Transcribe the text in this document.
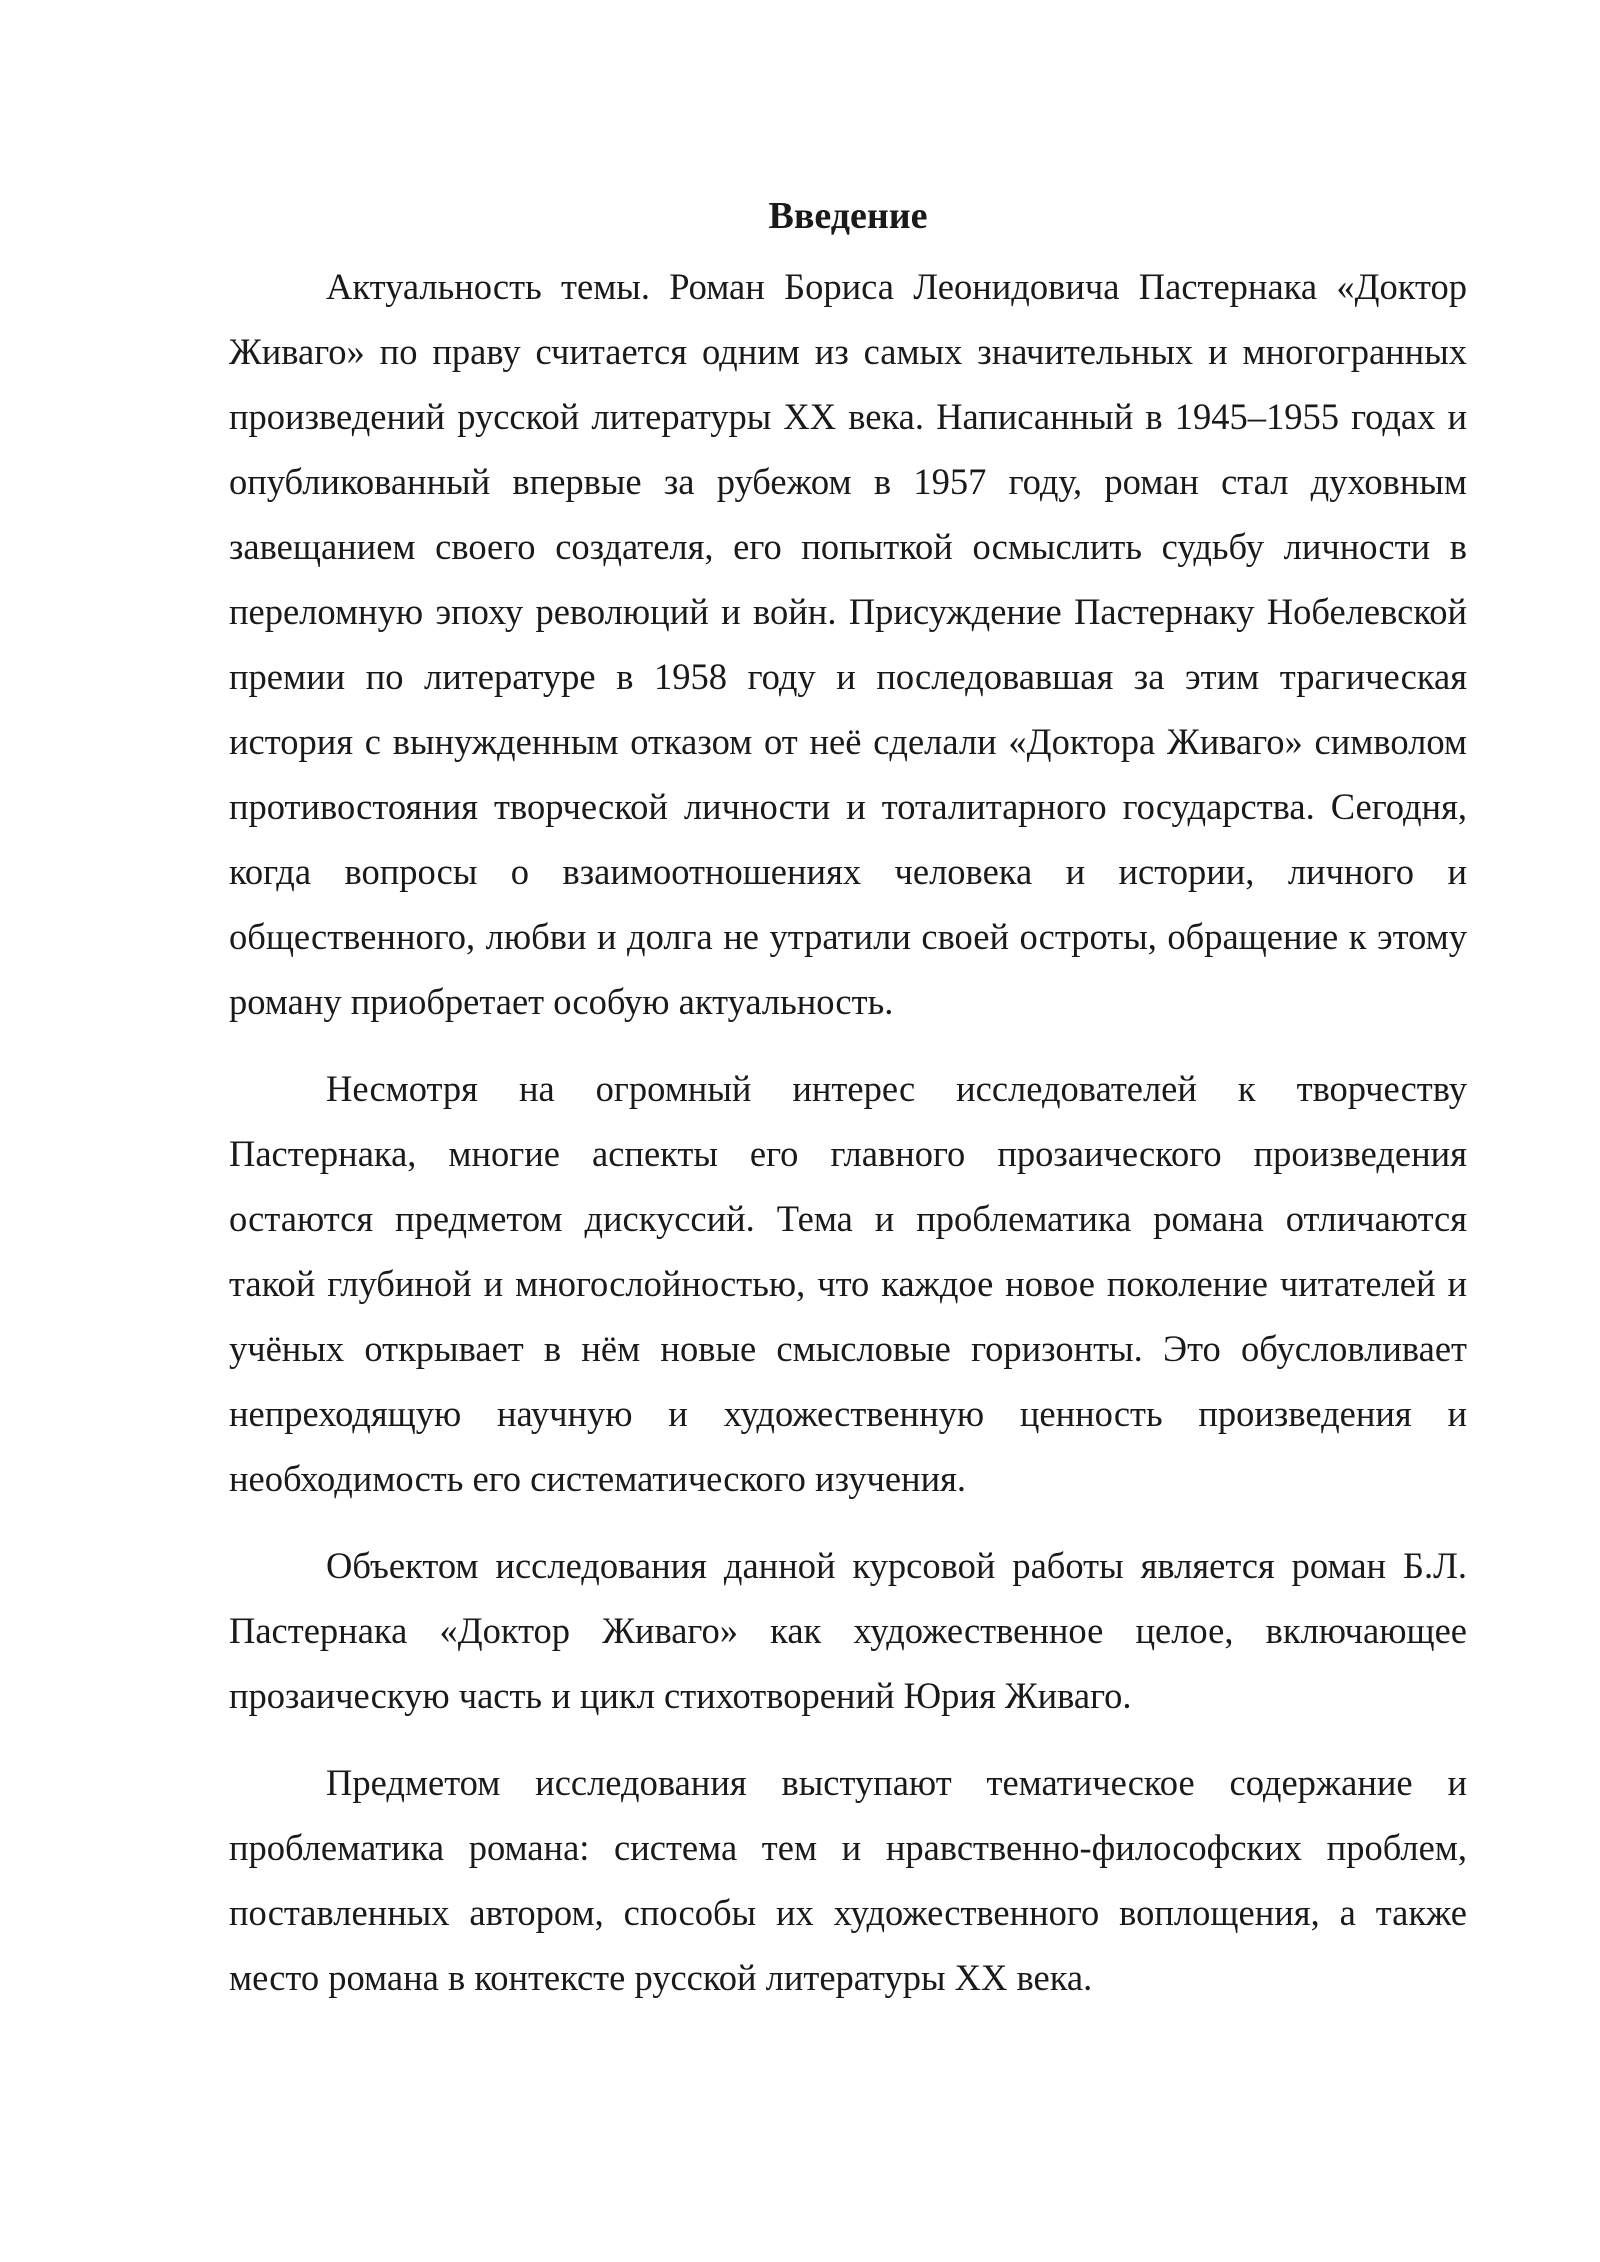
Введение

Актуальность темы. Роман Бориса Леонидовича Пастернака «Доктор Живаго» по праву считается одним из самых значительных и многогранных произведений русской литературы XX века. Написанный в 1945–1955 годах и опубликованный впервые за рубежом в 1957 году, роман стал духовным завещанием своего создателя, его попыткой осмыслить судьбу личности в переломную эпоху революций и войн. Присуждение Пастернаку Нобелевской премии по литературе в 1958 году и последовавшая за этим трагическая история с вынужденным отказом от неё сделали «Доктора Живаго» символом противостояния творческой личности и тоталитарного государства. Сегодня, когда вопросы о взаимоотношениях человека и истории, личного и общественного, любви и долга не утратили своей остроты, обращение к этому роману приобретает особую актуальность.

Несмотря на огромный интерес исследователей к творчеству Пастернака, многие аспекты его главного прозаического произведения остаются предметом дискуссий. Тема и проблематика романа отличаются такой глубиной и многослойностью, что каждое новое поколение читателей и учёных открывает в нём новые смысловые горизонты. Это обусловливает непреходящую научную и художественную ценность произведения и необходимость его систематического изучения.

Объектом исследования данной курсовой работы является роман Б.Л. Пастернака «Доктор Живаго» как художественное целое, включающее прозаическую часть и цикл стихотворений Юрия Живаго.

Предметом исследования выступают тематическое содержание и проблематика романа: система тем и нравственно-философских проблем, поставленных автором, способы их художественного воплощения, а также место романа в контексте русской литературы XX века.
